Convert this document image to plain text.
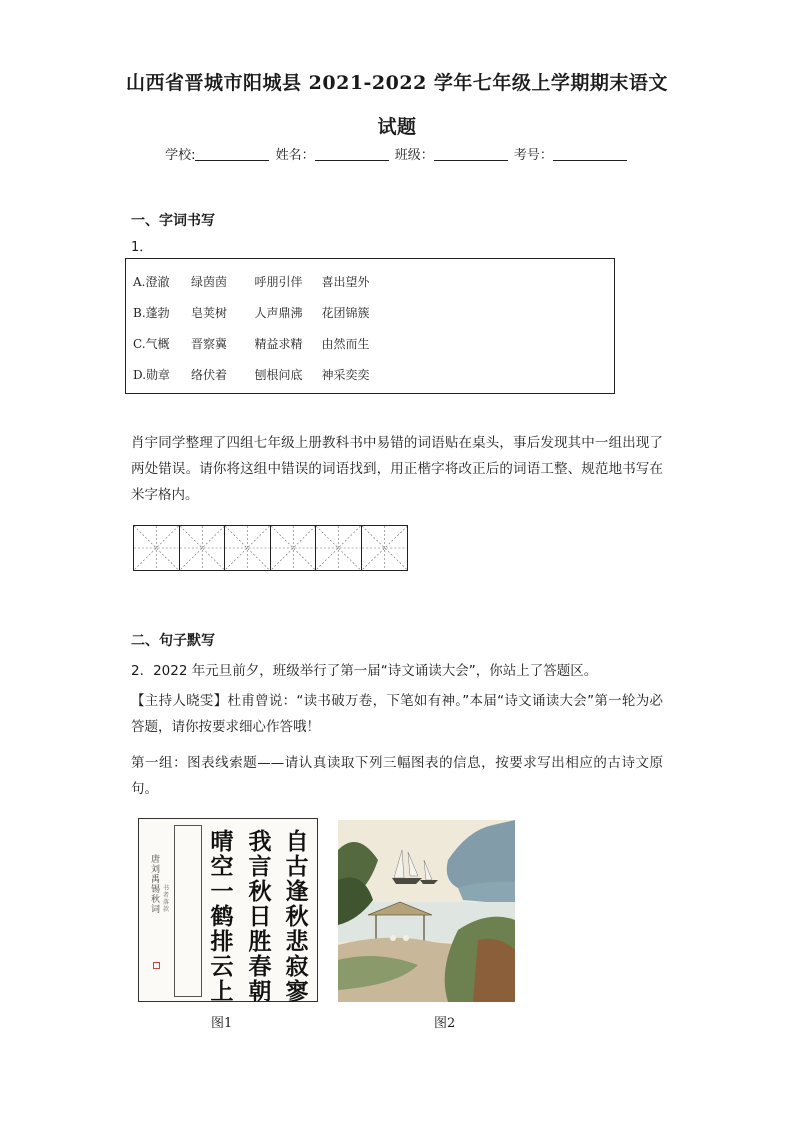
山西省晋城市阳城县 2021-2022 学年七年级上学期期末语文
试题
学校:	姓名：	班级：	考号：
一、字词书写
1．
A.澄澈 绿茵茵 呼朋引伴 喜出望外
B.蓬勃 皂荚树 人声鼎沸 花团锦簇
C.气概 晋察冀 精益求精 由然而生
D.勋章 络伏着 刨根问底 神采奕奕
肖宇同学整理了四组七年级上册教科书中易错的词语贴在桌头，事后发现其中一组出现了两处错误。请你将这组中错误的词语找到，用正楷字将改正后的词语工整、规范地书写在米字格内。
二、句子默写
2．2022 年元旦前夕，班级举行了第一届“诗文诵读大会”，你站上了答题区。
【主持人晓雯】杜甫曾说：“读书破万卷，下笔如有神。”本届“诗文诵读大会”第一轮为必答题，请你按要求细心作答哦！
第一组：图表线索题——请认真读取下列三幅图表的信息，按要求写出相应的古诗文原句。
唐
刘
禹
锡
秋
词
书
者
落
款
晴
空
一
鹤
排
云
上
我
言
秋
日
胜
春
朝
自
古
逢
秋
悲
寂
寥
图1	图2
